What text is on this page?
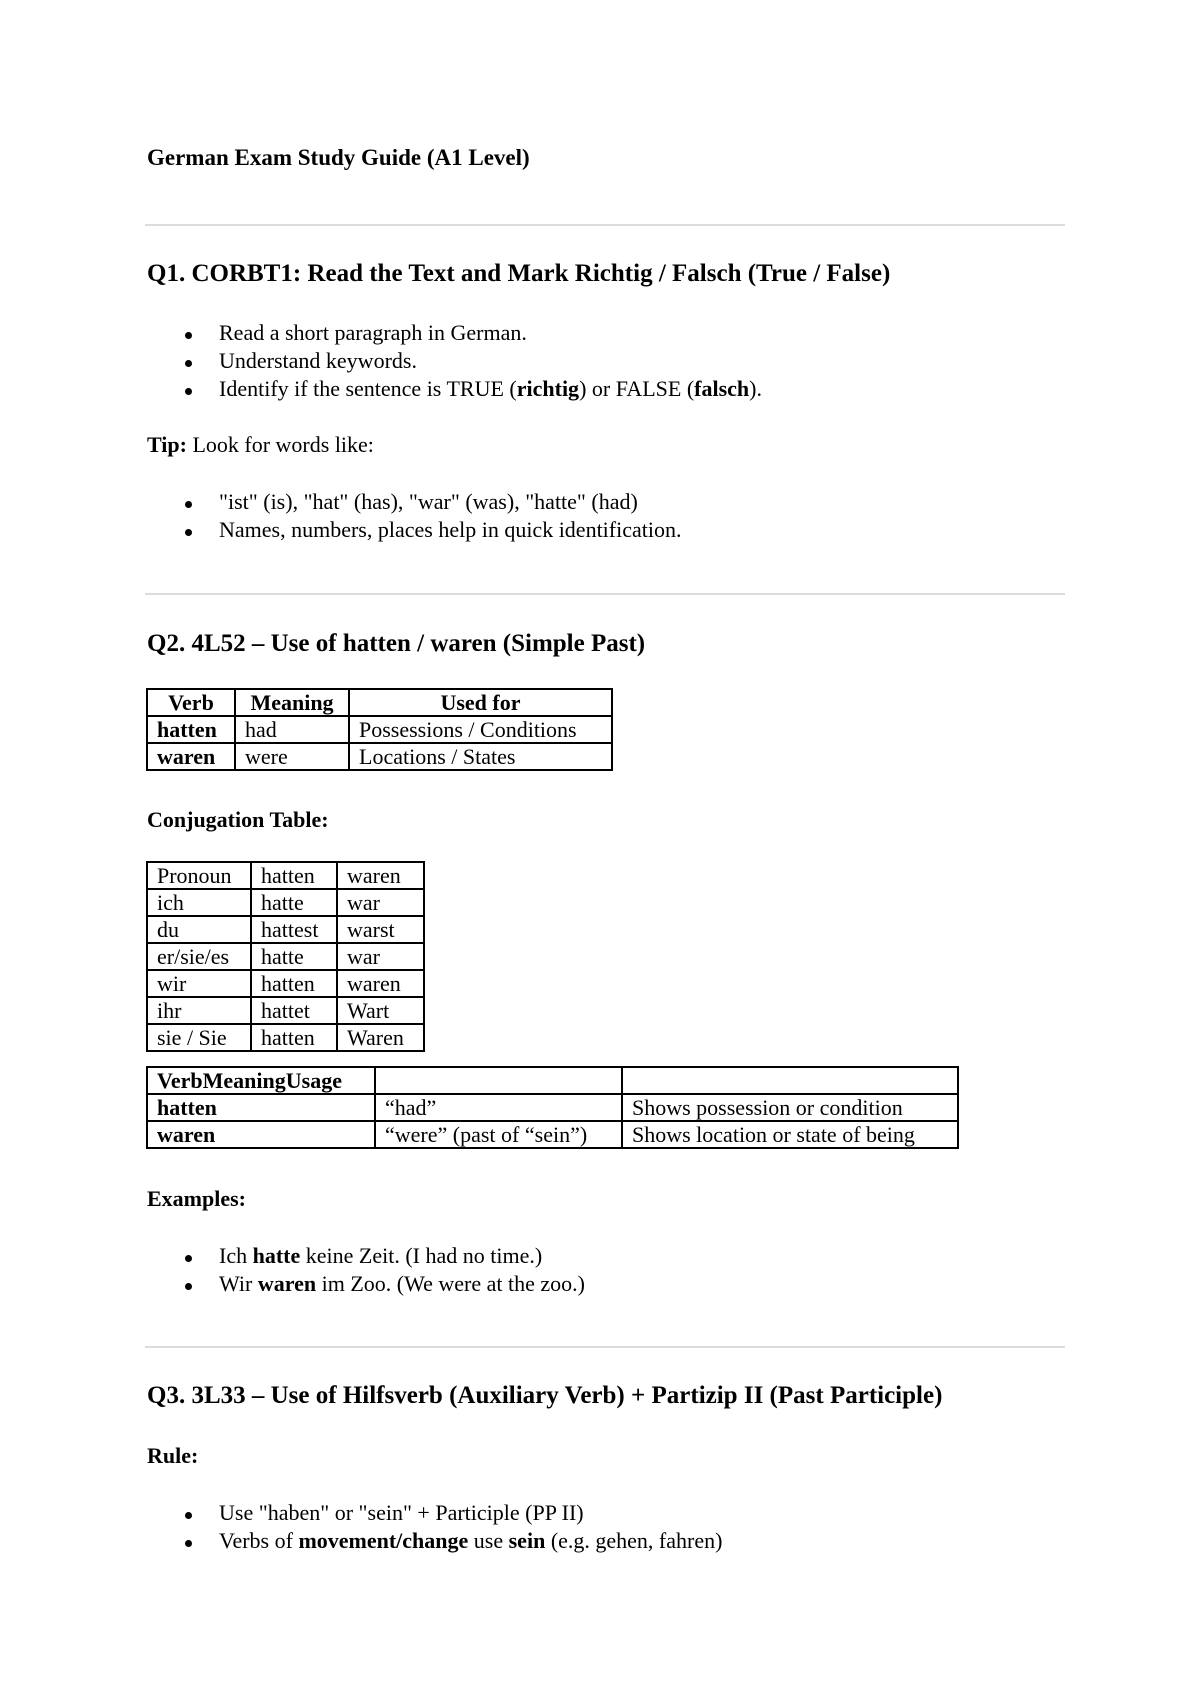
German Exam Study Guide (A1 Level)
Q1. CORBT1: Read the Text and Mark Richtig / Falsch (True / False)
Read a short paragraph in German.
Understand keywords.
Identify if the sentence is TRUE (richtig) or FALSE (falsch).
Tip: Look for words like:
"ist" (is), "hat" (has), "war" (was), "hatte" (had)
Names, numbers, places help in quick identification.
Q2. 4L52 – Use of hatten / waren (Simple Past)
Verb	Meaning	Used for
hatten	had	Possessions / Conditions
waren	were	Locations / States
Conjugation Table:
Pronoun	hatten	waren
ich	hatte	war
du	hattest	warst
er/sie/es	hatte	war
wir	hatten	waren
ihr	hattet	Wart
sie / Sie	hatten	Waren
VerbMeaningUsage		
hatten	“had”	Shows possession or condition
waren	“were” (past of “sein”)	Shows location or state of being
Examples:
Ich hatte keine Zeit. (I had no time.)
Wir waren im Zoo. (We were at the zoo.)
Q3. 3L33 – Use of Hilfsverb (Auxiliary Verb) + Partizip II (Past Participle)
Rule:
Use "haben" or "sein" + Participle (PP II)
Verbs of movement/change use sein (e.g. gehen, fahren)
